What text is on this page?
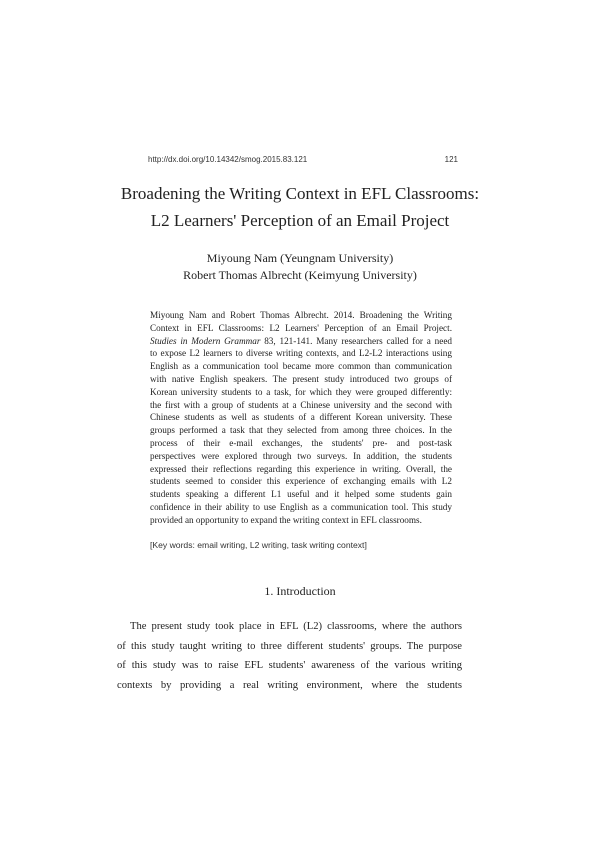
http://dx.doi.org/10.14342/smog.2015.83.121	121
Broadening the Writing Context in EFL Classrooms:
L2 Learners' Perception of an Email Project
Miyoung Nam (Yeungnam University)
Robert Thomas Albrecht (Keimyung University)
Miyoung Nam and Robert Thomas Albrecht. 2014. Broadening the Writing
Context in EFL Classrooms: L2 Learners' Perception of an Email Project.
Studies in Modern Grammar 83, 121-141. Many researchers called for a need
to expose L2 learners to diverse writing contexts, and L2-L2 interactions using
English as a communication tool became more common than communication
with native English speakers. The present study introduced two groups of
Korean university students to a task, for which they were grouped differently:
the first with a group of students at a Chinese university and the second with
Chinese students as well as students of a different Korean university. These
groups performed a task that they selected from among three choices. In the
process of their e-mail exchanges, the students' pre- and post-task
perspectives were explored through two surveys. In addition, the students
expressed their reflections regarding this experience in writing. Overall, the
students seemed to consider this experience of exchanging emails with L2
students speaking a different L1 useful and it helped some students gain
confidence in their ability to use English as a communication tool. This study
provided an opportunity to expand the writing context in EFL classrooms.
[Key words: email writing, L2 writing, task writing context]
1. Introduction
The present study took place in EFL (L2) classrooms, where the authors
of this study taught writing to three different students' groups. The purpose
of this study was to raise EFL students' awareness of the various writing
contexts by providing a real writing environment, where the students
